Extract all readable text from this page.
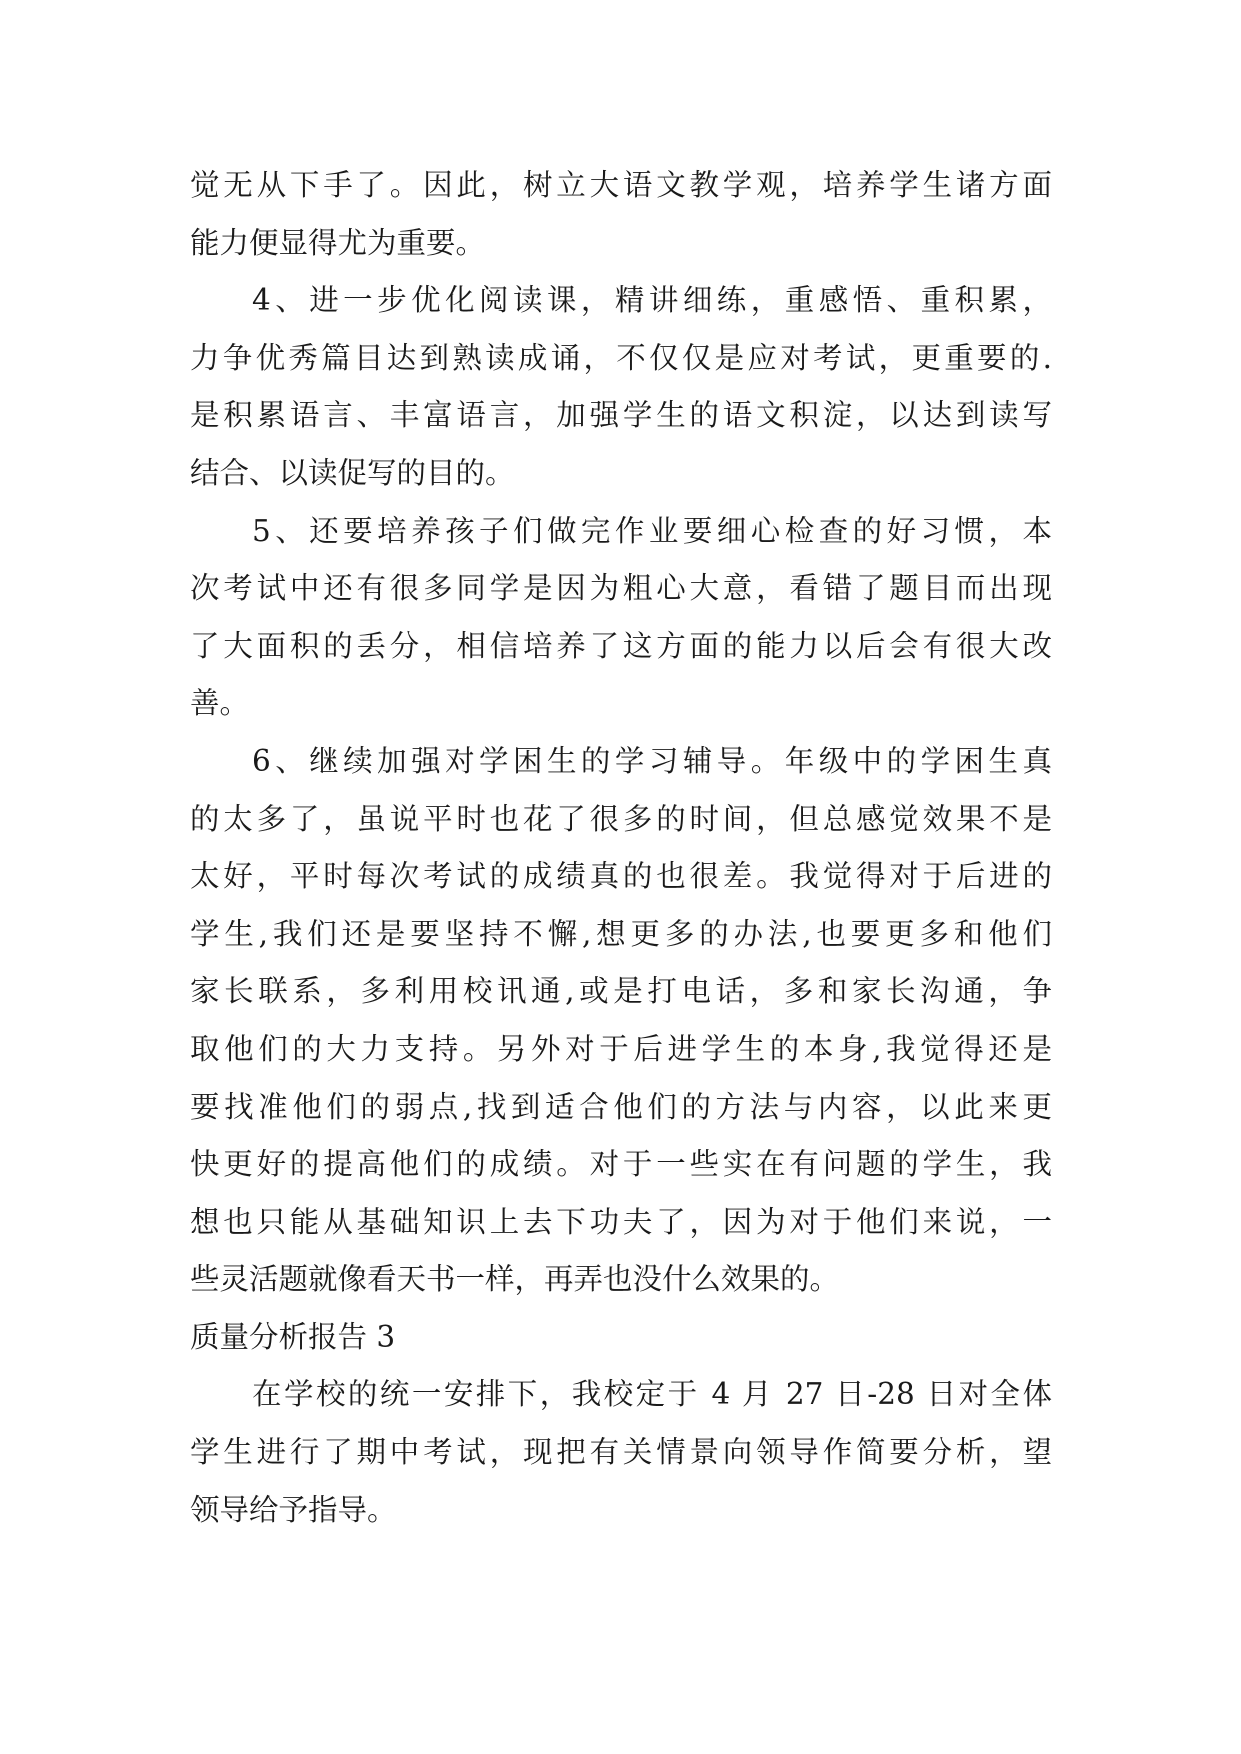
觉无从下手了。因此，树立大语文教学观，培养学生诸方面
能力便显得尤为重要。
4、进一步优化阅读课，精讲细练，重感悟、重积累，
力争优秀篇目达到熟读成诵，不仅仅是应对考试，更重要的.
是积累语言、丰富语言，加强学生的语文积淀，以达到读写
结合、以读促写的目的。
5、还要培养孩子们做完作业要细心检查的好习惯，本
次考试中还有很多同学是因为粗心大意，看错了题目而出现
了大面积的丢分，相信培养了这方面的能力以后会有很大改
善。
6、继续加强对学困生的学习辅导。年级中的学困生真
的太多了，虽说平时也花了很多的时间，但总感觉效果不是
太好，平时每次考试的成绩真的也很差。我觉得对于后进的
学生,我们还是要坚持不懈,想更多的办法,也要更多和他们
家长联系，多利用校讯通,或是打电话，多和家长沟通，争
取他们的大力支持。另外对于后进学生的本身,我觉得还是
要找准他们的弱点,找到适合他们的方法与内容，以此来更
快更好的提高他们的成绩。对于一些实在有问题的学生，我
想也只能从基础知识上去下功夫了，因为对于他们来说，一
些灵活题就像看天书一样，再弄也没什么效果的。
质量分析报告 3
在学校的统一安排下，我校定于 4 月 27 日-28 日对全体
学生进行了期中考试，现把有关情景向领导作简要分析，望
领导给予指导。
